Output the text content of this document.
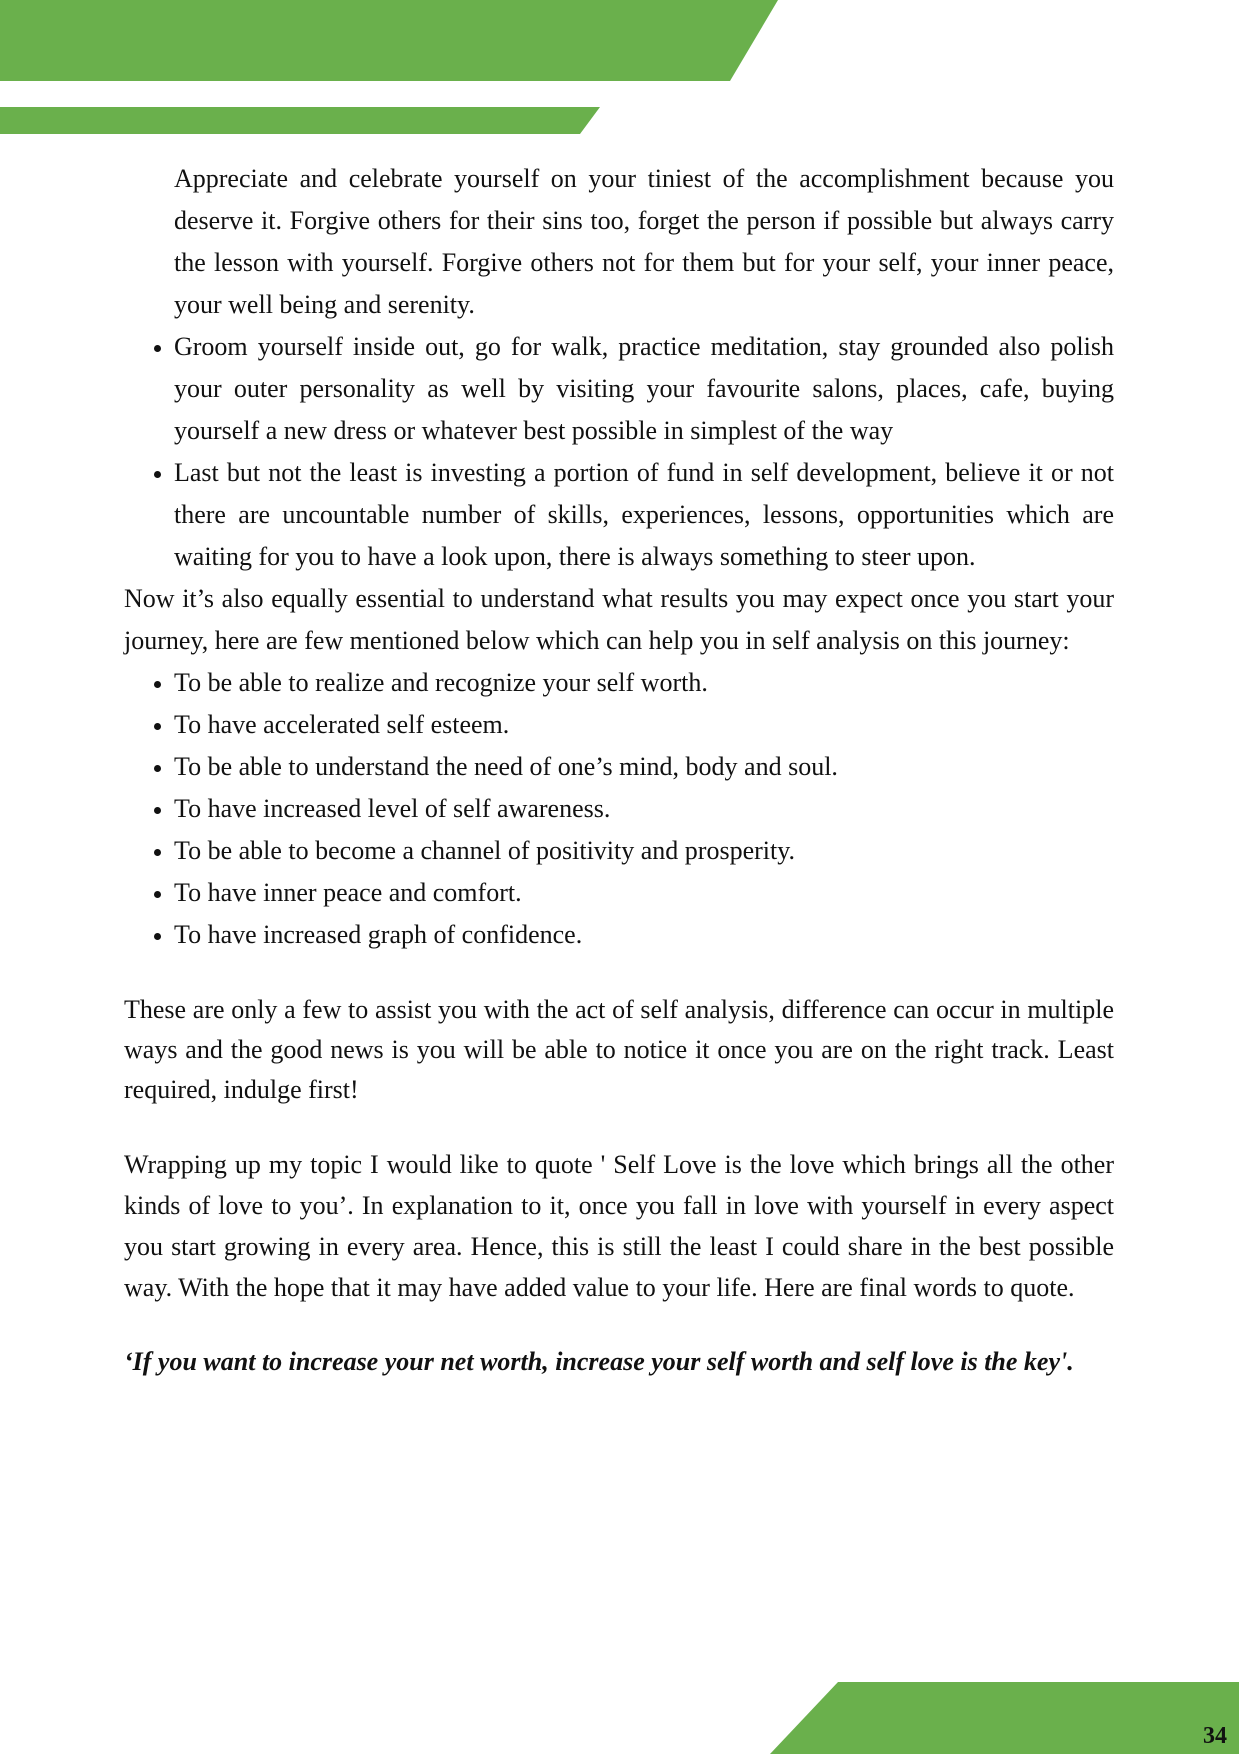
Appreciate and celebrate yourself on your tiniest of the accomplishment because you deserve it. Forgive others for their sins too, forget the person if possible but always carry the lesson with yourself. Forgive others not for them but for your self, your inner peace, your well being and serenity.

• Groom yourself inside out, go for walk, practice meditation, stay grounded also polish your outer personality as well by visiting your favourite salons, places, cafe, buying yourself a new dress or whatever best possible in simplest of the way
• Last but not the least is investing a portion of fund in self development, believe it or not there are uncountable number of skills, experiences, lessons, opportunities which are waiting for you to have a look upon, there is always something to steer upon.

Now it’s also equally essential to understand what results you may expect once you start your journey, here are few mentioned below which can help you in self analysis on this journey:

• To be able to realize and recognize your self worth.
• To have accelerated self esteem.
• To be able to understand the need of one’s mind, body and soul.
• To have increased level of self awareness.
• To be able to become a channel of positivity and prosperity.
• To have inner peace and comfort.
• To have increased graph of confidence.

These are only a few to assist you with the act of self analysis, difference can occur in multiple ways and the good news is you will be able to notice it once you are on the right track. Least required, indulge first!

Wrapping up my topic I would like to quote ' Self Love is the love which brings all the other kinds of love to you’. In explanation to it, once you fall in love with yourself in every aspect you start growing in every area. Hence, this is still the least I could share in the best possible way. With the hope that it may have added value to your life. Here are final words to quote.

‘If you want to increase your net worth, increase your self worth and self love is the key'.

34
